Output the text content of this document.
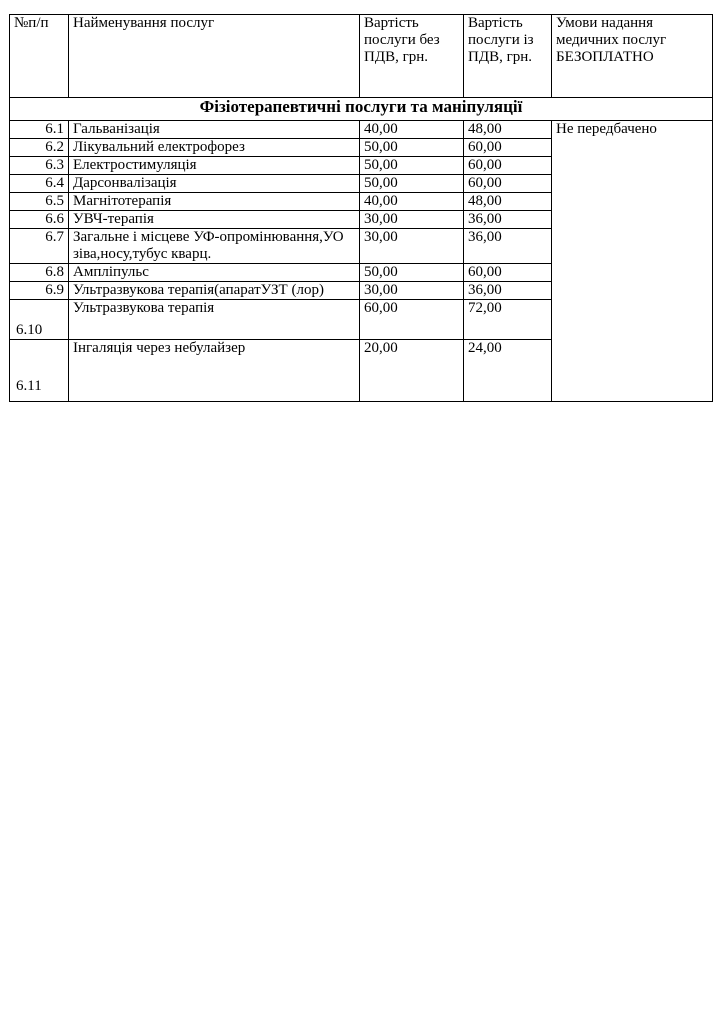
№п/п	Найменування послуг	Вартість послуги без ПДВ, грн.	Вартість послуги із ПДВ, грн.	Умови надання медичних послуг БЕЗОПЛАТНО
Фізіотерапевтичні послуги та маніпуляції				
6.1	Гальванізація	40,00	48,00	Не передбачено
6.2	Лікувальний електрофорез	50,00	60,00	
6.3	Електростимуляція	50,00	60,00	
6.4	Дарсонвалізація	50,00	60,00	
6.5	Магнітотерапія	40,00	48,00	
6.6	УВЧ-терапія	30,00	36,00	
6.7	Загальне і місцеве УФ-опромінювання,УО зіва,носу,тубус кварц.	30,00	36,00	
6.8	Ампліпульс	50,00	60,00	
6.9	Ультразвукова терапія(апаратУЗТ (лор)	30,00	36,00	
6.10	Ультразвукова терапія	60,00	72,00	
6.11	Інгаляція через небулайзер	20,00	24,00	
